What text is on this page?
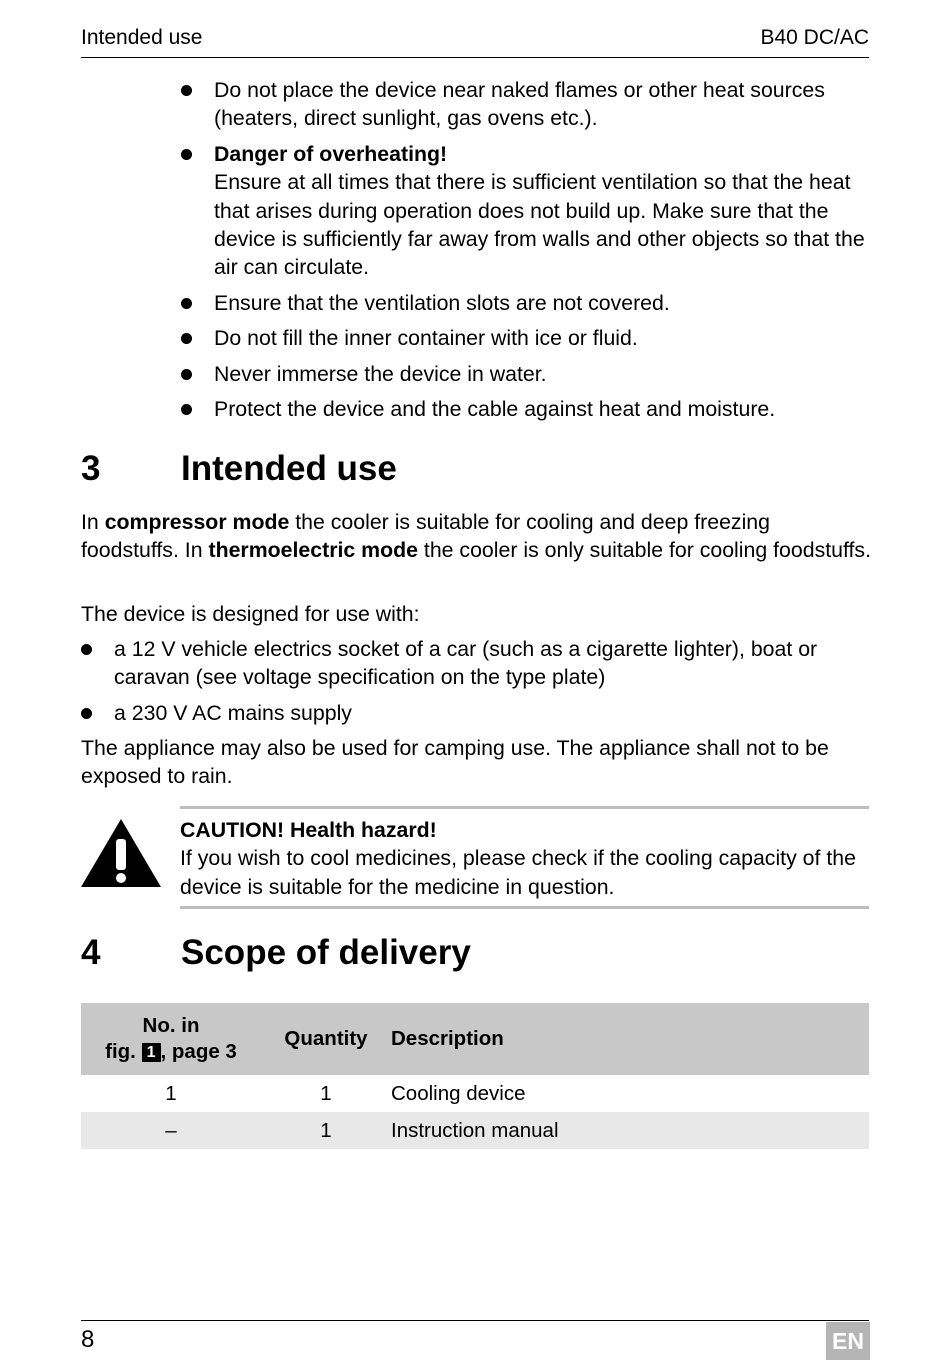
Intended use	B40 DC/AC
Do not place the device near naked flames or other heat sources (heaters, direct sunlight, gas ovens etc.).
Danger of overheating!
Ensure at all times that there is sufficient ventilation so that the heat that arises during operation does not build up. Make sure that the device is sufficiently far away from walls and other objects so that the air can circulate.
Ensure that the ventilation slots are not covered.
Do not fill the inner container with ice or fluid.
Never immerse the device in water.
Protect the device and the cable against heat and moisture.
3 Intended use
In compressor mode the cooler is suitable for cooling and deep freezing foodstuffs. In thermoelectric mode the cooler is only suitable for cooling foodstuffs.
The device is designed for use with:
a 12 V vehicle electrics socket of a car (such as a cigarette lighter), boat or caravan (see voltage specification on the type plate)
a 230 V AC mains supply
The appliance may also be used for camping use. The appliance shall not to be exposed to rain.
CAUTION! Health hazard!
If you wish to cool medicines, please check if the cooling capacity of the device is suitable for the medicine in question.
4 Scope of delivery
No. in
fig. 1 , page 3	Quantity	Description
1	1	Cooling device
–	1	Instruction manual
8	EN
